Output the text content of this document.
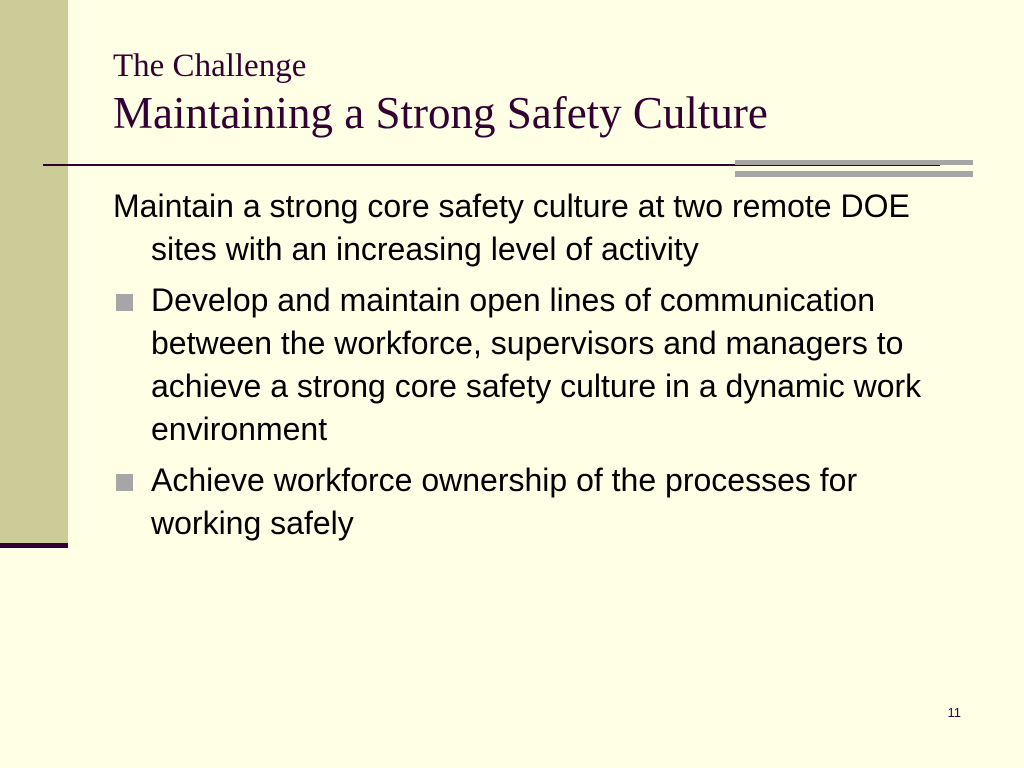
The Challenge
Maintaining a Strong Safety Culture
Maintain a strong core safety culture at two remote DOE sites with an increasing level of activity
Develop and maintain open lines of communication between the workforce, supervisors and managers to achieve a strong core safety culture in a dynamic work environment
Achieve workforce ownership of the processes for working safely
11
